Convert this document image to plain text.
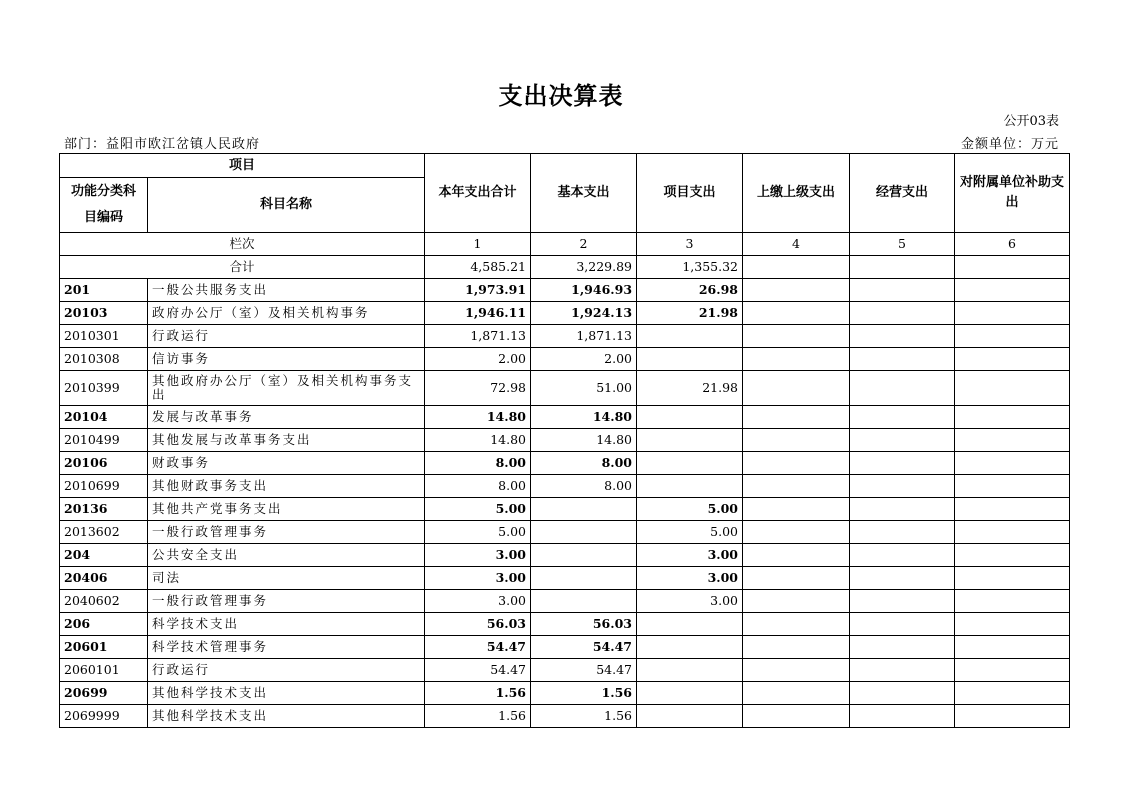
支出决算表
公开03表
部门：益阳市欧江岔镇人民政府	金额单位：万元
项目		本年支出合计	基本支出	项目支出	上缴上级支出	经营支出	对附属单位补助支出
功能分类科目编码	科目名称						
栏次		1	2	3	4	5	6
合计		4,585.21	3,229.89	1,355.32			
201	一般公共服务支出	1,973.91	1,946.93	26.98			
20103	政府办公厅（室）及相关机构事务	1,946.11	1,924.13	21.98			
2010301	行政运行	1,871.13	1,871.13				
2010308	信访事务	2.00	2.00				
2010399	其他政府办公厅（室）及相关机构事务支出	72.98	51.00	21.98			
20104	发展与改革事务	14.80	14.80				
2010499	其他发展与改革事务支出	14.80	14.80				
20106	财政事务	8.00	8.00				
2010699	其他财政事务支出	8.00	8.00				
20136	其他共产党事务支出	5.00		5.00			
2013602	一般行政管理事务	5.00		5.00			
204	公共安全支出	3.00		3.00			
20406	司法	3.00		3.00			
2040602	一般行政管理事务	3.00		3.00			
206	科学技术支出	56.03	56.03				
20601	科学技术管理事务	54.47	54.47				
2060101	行政运行	54.47	54.47				
20699	其他科学技术支出	1.56	1.56				
2069999	其他科学技术支出	1.56	1.56				
